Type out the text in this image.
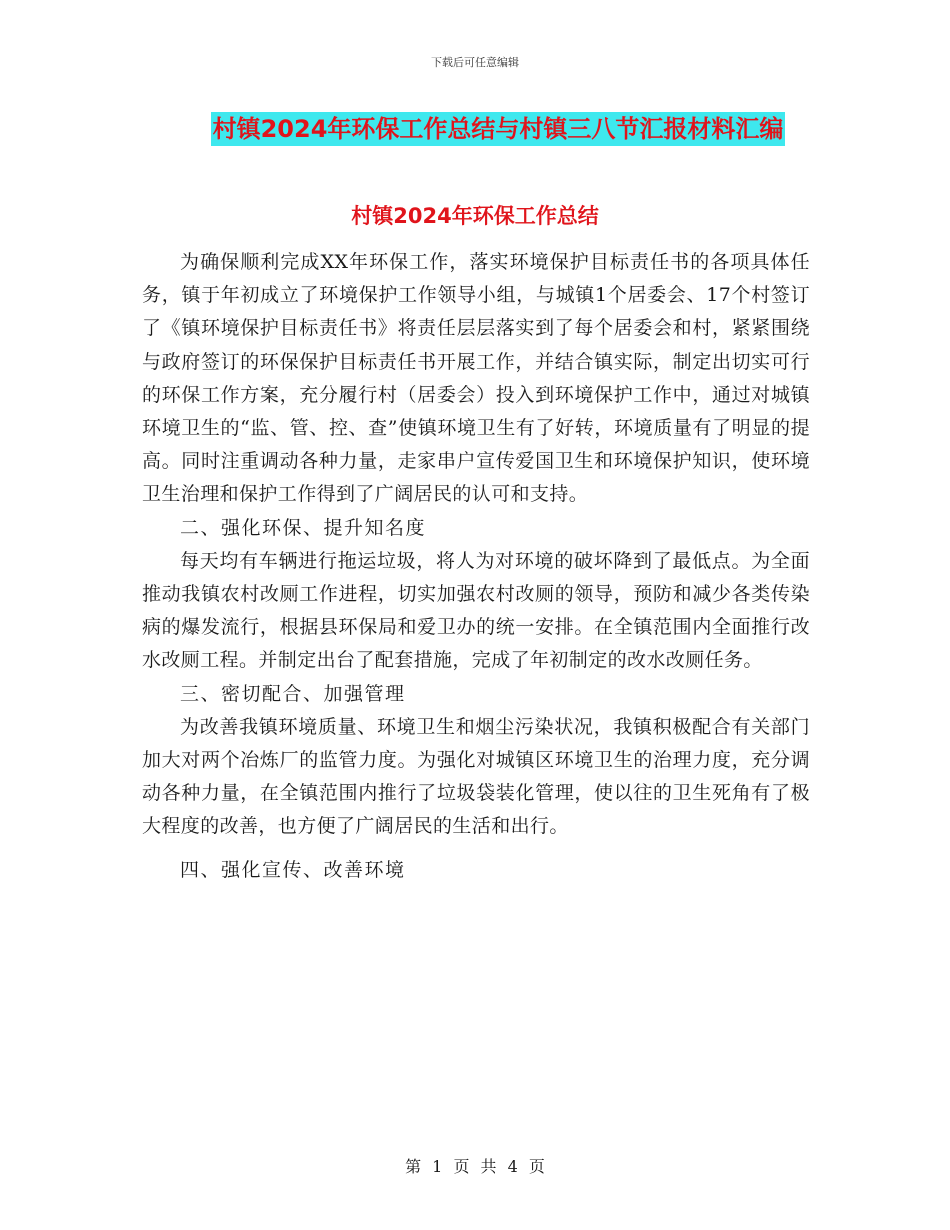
下载后可任意编辑
村镇2024年环保工作总结与村镇三八节汇报材料汇编
村镇2024年环保工作总结

为确保顺利完成XX年环保工作，落实环境保护目标责任书的各项具体任务，镇于年初成立了环境保护工作领导小组，与城镇1个居委会、17个村签订了《镇环境保护目标责任书》将责任层层落实到了每个居委会和村，紧紧围绕与政府签订的环保保护目标责任书开展工作，并结合镇实际，制定出切实可行的环保工作方案，充分履行村（居委会）投入到环境保护工作中，通过对城镇环境卫生的“监、管、控、查”使镇环境卫生有了好转，环境质量有了明显的提高。同时注重调动各种力量，走家串户宣传爱国卫生和环境保护知识，使环境卫生治理和保护工作得到了广阔居民的认可和支持。

二、强化环保、提升知名度

每天均有车辆进行拖运垃圾，将人为对环境的破坏降到了最低点。为全面推动我镇农村改厕工作进程，切实加强农村改厕的领导，预防和减少各类传染病的爆发流行，根据县环保局和爱卫办的统一安排。在全镇范围内全面推行改水改厕工程。并制定出台了配套措施，完成了年初制定的改水改厕任务。

三、密切配合、加强管理

为改善我镇环境质量、环境卫生和烟尘污染状况，我镇积极配合有关部门加大对两个冶炼厂的监管力度。为强化对城镇区环境卫生的治理力度，充分调动各种力量，在全镇范围内推行了垃圾袋装化管理，使以往的卫生死角有了极大程度的改善，也方便了广阔居民的生活和出行。

四、强化宣传、改善环境

第 1 页 共 4 页
